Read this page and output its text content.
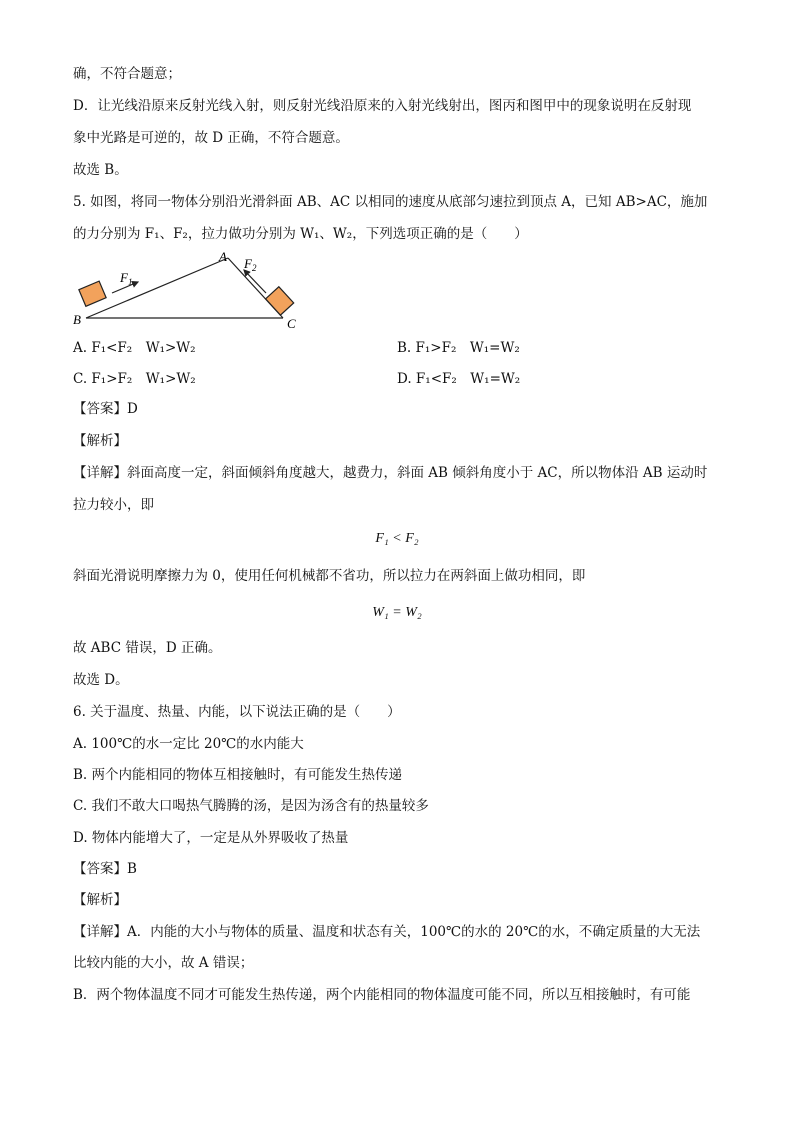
确，不符合题意；
D．让光线沿原来反射光线入射，则反射光线沿原来的入射光线射出，图丙和图甲中的现象说明在反射现
象中光路是可逆的，故 D 正确，不符合题意。
故选 B。
5. 如图，将同一物体分别沿光滑斜面 AB、AC 以相同的速度从底部匀速拉到顶点 A，已知 AB>AC，施加
的力分别为 F₁、F₂，拉力做功分别为 W₁、W₂，下列选项正确的是（　　）
$F_1$
$F_2$
A
B	C
A. F₁<F₂　W₁>W₂	B. F₁>F₂　W₁=W₂
C. F₁>F₂　W₁>W₂	D. F₁<F₂　W₁=W₂
【答案】D
【解析】
【详解】斜面高度一定，斜面倾斜角度越大，越费力，斜面 AB 倾斜角度小于 AC，所以物体沿 AB 运动时
拉力较小，即
F₁ < F₂
斜面光滑说明摩擦力为 0，使用任何机械都不省功，所以拉力在两斜面上做功相同，即
W₁ = W₂
故 ABC 错误，D 正确。
故选 D。
6. 关于温度、热量、内能，以下说法正确的是（　　）
A. 100℃的水一定比 20℃的水内能大
B. 两个内能相同的物体互相接触时，有可能发生热传递
C. 我们不敢大口喝热气腾腾的汤，是因为汤含有的热量较多
D. 物体内能增大了，一定是从外界吸收了热量
【答案】B
【解析】
【详解】A．内能的大小与物体的质量、温度和状态有关，100℃的水的 20℃的水，不确定质量的大无法
比较内能的大小，故 A 错误；
B．两个物体温度不同才可能发生热传递，两个内能相同的物体温度可能不同，所以互相接触时，有可能
